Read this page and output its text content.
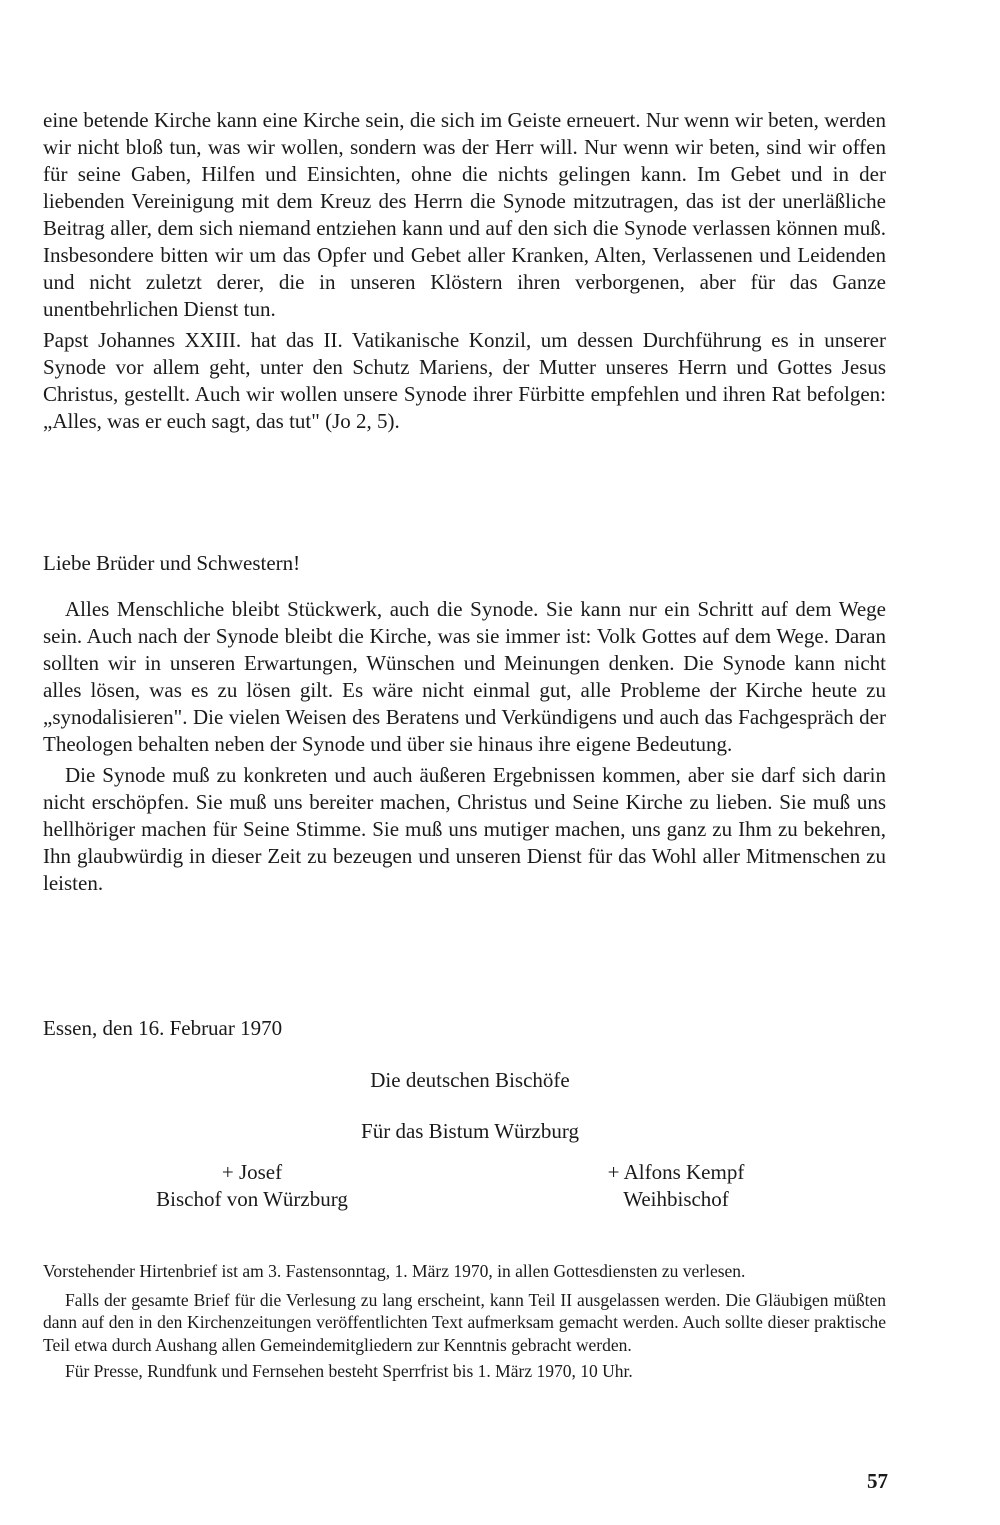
eine betende Kirche kann eine Kirche sein, die sich im Geiste erneuert. Nur wenn wir beten, werden wir nicht bloß tun, was wir wollen, sondern was der Herr will. Nur wenn wir beten, sind wir offen für seine Gaben, Hilfen und Einsichten, ohne die nichts gelingen kann. Im Gebet und in der liebenden Vereinigung mit dem Kreuz des Herrn die Synode mitzutragen, das ist der unerläßliche Beitrag aller, dem sich niemand entziehen kann und auf den sich die Synode verlassen können muß. Insbesondere bitten wir um das Opfer und Gebet aller Kranken, Alten, Verlassenen und Leidenden und nicht zuletzt derer, die in unseren Klöstern ihren verborgenen, aber für das Ganze unentbehrlichen Dienst tun.

Papst Johannes XXIII. hat das II. Vatikanische Konzil, um dessen Durchführung es in unserer Synode vor allem geht, unter den Schutz Mariens, der Mutter unseres Herrn und Gottes Jesus Christus, gestellt. Auch wir wollen unsere Synode ihrer Fürbitte empfehlen und ihren Rat befolgen: „Alles, was er euch sagt, das tut" (Jo 2, 5).

Liebe Brüder und Schwestern!

Alles Menschliche bleibt Stückwerk, auch die Synode. Sie kann nur ein Schritt auf dem Wege sein. Auch nach der Synode bleibt die Kirche, was sie immer ist: Volk Gottes auf dem Wege. Daran sollten wir in unseren Erwartungen, Wünschen und Meinungen denken. Die Synode kann nicht alles lösen, was es zu lösen gilt. Es wäre nicht einmal gut, alle Probleme der Kirche heute zu „synodalisieren". Die vielen Weisen des Beratens und Verkündigens und auch das Fachgespräch der Theologen behalten neben der Synode und über sie hinaus ihre eigene Bedeutung.

Die Synode muß zu konkreten und auch äußeren Ergebnissen kommen, aber sie darf sich darin nicht erschöpfen. Sie muß uns bereiter machen, Christus und Seine Kirche zu lieben. Sie muß uns hellhöriger machen für Seine Stimme. Sie muß uns mutiger machen, uns ganz zu Ihm zu bekehren, Ihn glaubwürdig in dieser Zeit zu bezeugen und unseren Dienst für das Wohl aller Mitmenschen zu leisten.

Essen, den 16. Februar 1970

Die deutschen Bischöfe
Für das Bistum Würzburg
+ Josef
Bischof von Würzburg
+ Alfons Kempf
Weihbischof

Vorstehender Hirtenbrief ist am 3. Fastensonntag, 1. März 1970, in allen Gottesdiensten zu verlesen.

Falls der gesamte Brief für die Verlesung zu lang erscheint, kann Teil II ausgelassen werden. Die Gläubigen müßten dann auf den in den Kirchenzeitungen veröffentlichten Text aufmerksam gemacht werden. Auch sollte dieser praktische Teil etwa durch Aushang allen Gemeindemitgliedern zur Kenntnis gebracht werden.

Für Presse, Rundfunk und Fernsehen besteht Sperrfrist bis 1. März 1970, 10 Uhr.

57
